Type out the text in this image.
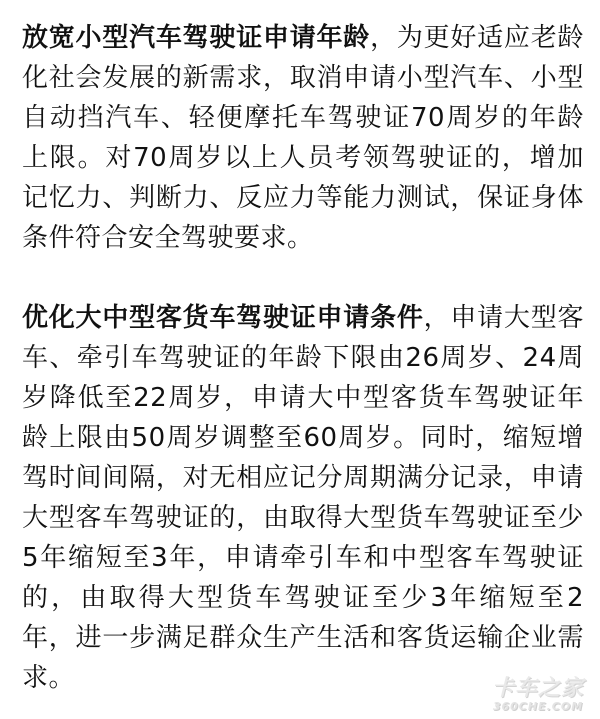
放宽小型汽车驾驶证申请年龄，为更好适应老龄化社会发展的新需求，取消申请小型汽车、小型自动挡汽车、轻便摩托车驾驶证70周岁的年龄上限。对70周岁以上人员考领驾驶证的，增加记忆力、判断力、反应力等能力测试，保证身体条件符合安全驾驶要求。

优化大中型客货车驾驶证申请条件，申请大型客车、牵引车驾驶证的年龄下限由26周岁、24周岁降低至22周岁，申请大中型客货车驾驶证年龄上限由50周岁调整至60周岁。同时，缩短增驾时间间隔，对无相应记分周期满分记录，申请大型客车驾驶证的，由取得大型货车驾驶证至少5年缩短至3年，申请牵引车和中型客车驾驶证的，由取得大型货车驾驶证至少3年缩短至2年，进一步满足群众生产生活和客货运输企业需求。	卡车之家
360CHE.COM
